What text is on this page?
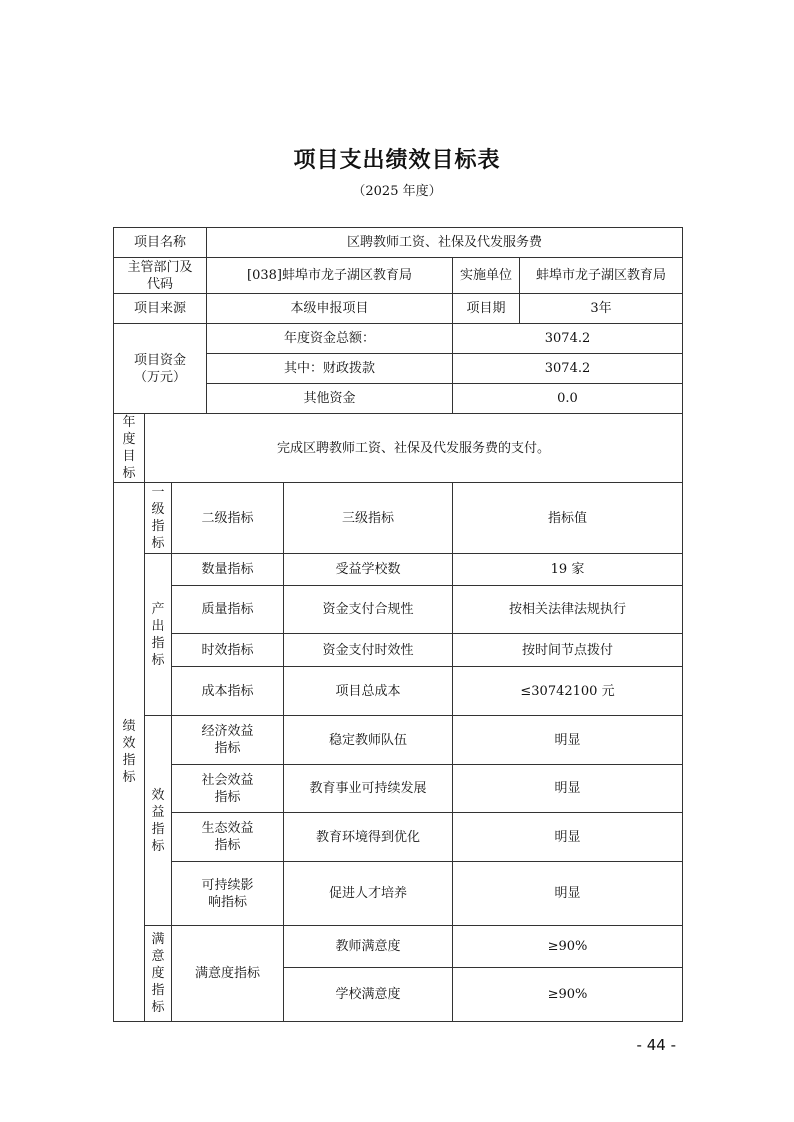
项目支出绩效目标表
（2025 年度）
项目名称			区聘教师工资、社保及代发服务费			
主管部门及代码			[038]蚌埠市龙子湖区教育局		实施单位	蚌埠市龙子湖区教育局
项目来源			本级申报项目		项目期	3年
项目资金（万元）			年度资金总额：		3074.2	
			其中：财政拨款		3074.2	
			其他资金		0.0	
年度目标	完成区聘教师工资、社保及代发服务费的支付。					
绩效指标	一级指标	二级指标		三级指标	指标值	
	产出指标	数量指标		受益学校数	19 家	
		质量指标		资金支付合规性	按相关法律法规执行	
		时效指标		资金支付时效性	按时间节点拨付	
		成本指标		项目总成本	≤30742100 元	
	效益指标	经济效益指标		稳定教师队伍	明显	
		社会效益指标		教育事业可持续发展	明显	
		生态效益指标		教育环境得到优化	明显	
		可持续影响指标		促进人才培养	明显	
	满意度指标	满意度指标		教师满意度	≥90%	
				学校满意度	≥90%	
- 44 -
